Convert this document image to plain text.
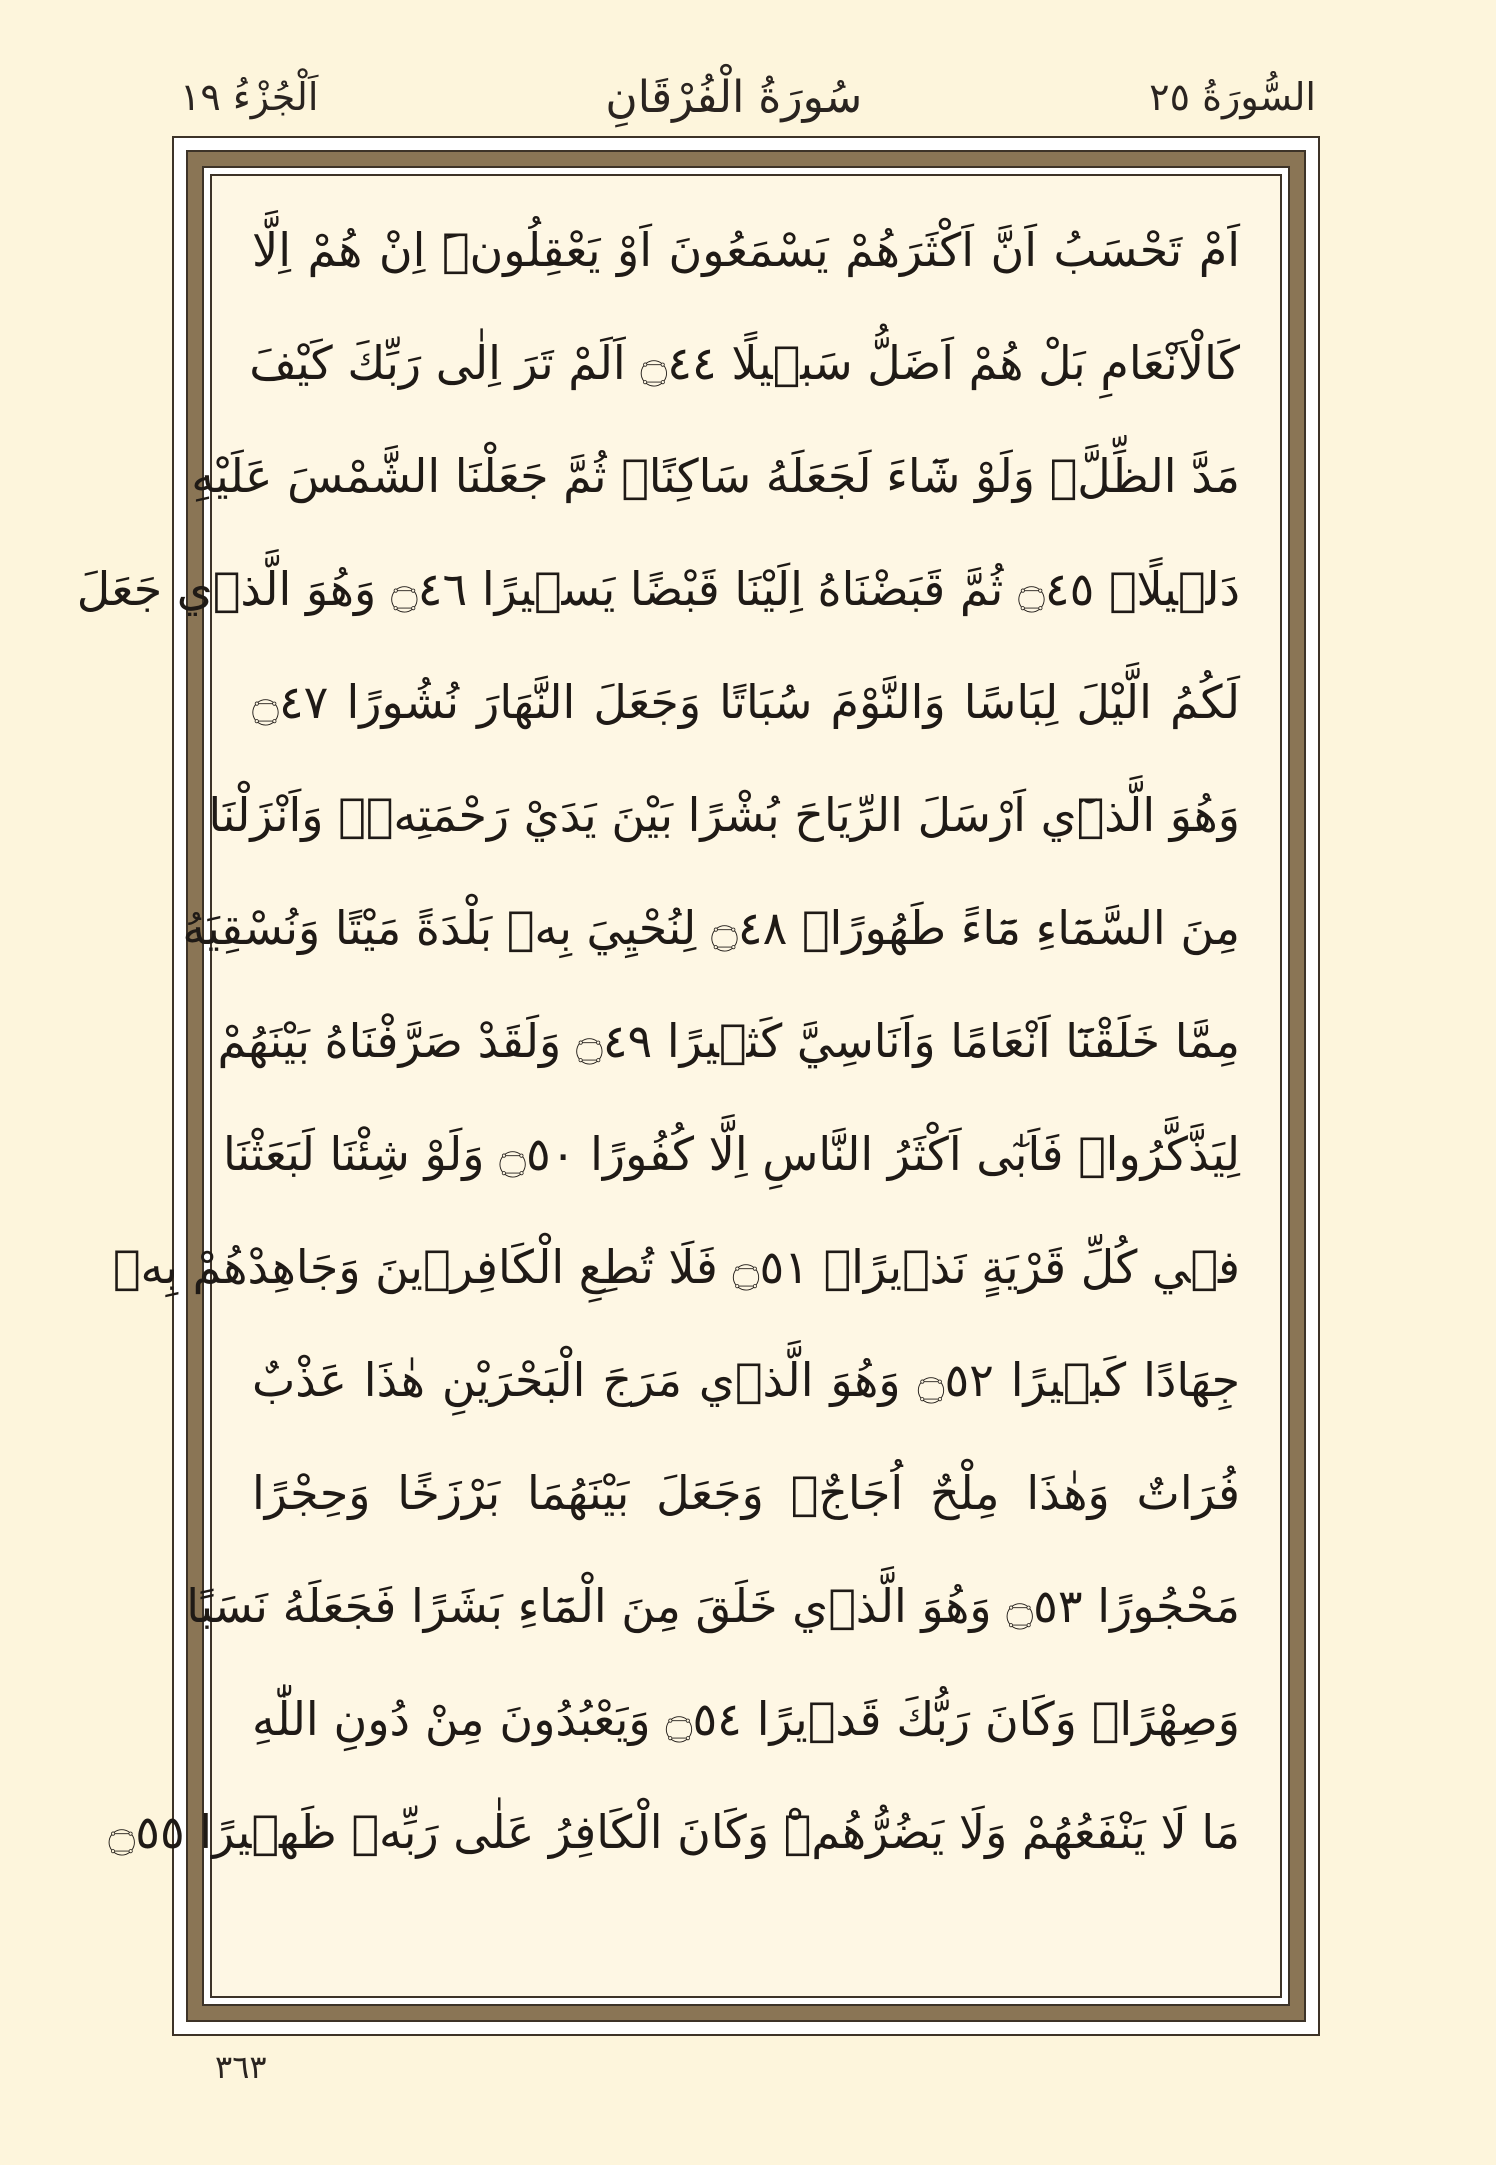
السُّورَةُ ٢٥
سُورَةُ الْفُرْقَانِ
اَلْجُزْءُ ١٩
اَمْ تَحْسَبُ اَنَّ اَكْثَرَهُمْ يَسْمَعُونَ اَوْ يَعْقِلُونَۜ اِنْ هُمْ اِلَّا
كَالْاَنْعَامِ بَلْ هُمْ اَضَلُّ سَب۪يلًا ۝٤٤ اَلَمْ تَرَ اِلٰى رَبِّكَ كَيْفَ
مَدَّ الظِّلَّۚ وَلَوْ شَٓاءَ لَجَعَلَهُ سَاكِنًاۚ ثُمَّ جَعَلْنَا الشَّمْسَ عَلَيْهِ
دَل۪يلًاۙ ۝٤٥ ثُمَّ قَبَضْنَاهُ اِلَيْنَا قَبْضًا يَس۪يرًا ۝٤٦ وَهُوَ الَّذ۪ي جَعَلَ
لَكُمُ الَّيْلَ لِبَاسًا وَالنَّوْمَ سُبَاتًا وَجَعَلَ النَّهَارَ نُشُورًا ۝٤٧
وَهُوَ الَّذ۪ٓي اَرْسَلَ الرِّيَاحَ بُشْرًا بَيْنَ يَدَيْ رَحْمَتِه۪ۚ وَاَنْزَلْنَا
مِنَ السَّمَٓاءِ مَٓاءً طَهُورًاۙ ۝٤٨ لِنُحْيِيَ بِه۪ بَلْدَةً مَيْتًا وَنُسْقِيَهُ
مِمَّا خَلَقْنَٓا اَنْعَامًا وَاَنَاسِيَّ كَث۪يرًا ۝٤٩ وَلَقَدْ صَرَّفْنَاهُ بَيْنَهُمْ
لِيَذَّكَّرُواۘ فَاَبٰٓى اَكْثَرُ النَّاسِ اِلَّا كُفُورًا ۝٥٠ وَلَوْ شِئْنَا لَبَعَثْنَا
ف۪ي كُلِّ قَرْيَةٍ نَذ۪يرًاۘ ۝٥١ فَلَا تُطِعِ الْكَافِر۪ينَ وَجَاهِدْهُمْ بِه۪
جِهَادًا كَب۪يرًا ۝٥٢ وَهُوَ الَّذ۪ي مَرَجَ الْبَحْرَيْنِ هٰذَا عَذْبٌ
فُرَاتٌ وَهٰذَا مِلْحٌ اُجَاجٌۚ وَجَعَلَ بَيْنَهُمَا بَرْزَخًا وَحِجْرًا
مَحْجُورًا ۝٥٣ وَهُوَ الَّذ۪ي خَلَقَ مِنَ الْمَٓاءِ بَشَرًا فَجَعَلَهُ نَسَبًا
وَصِهْرًاۜ وَكَانَ رَبُّكَ قَد۪يرًا ۝٥٤ وَيَعْبُدُونَ مِنْ دُونِ اللّٰهِ
مَا لَا يَنْفَعُهُمْ وَلَا يَضُرُّهُمْۜ وَكَانَ الْكَافِرُ عَلٰى رَبِّه۪ ظَه۪يرًا ۝٥٥
٣٦٣
